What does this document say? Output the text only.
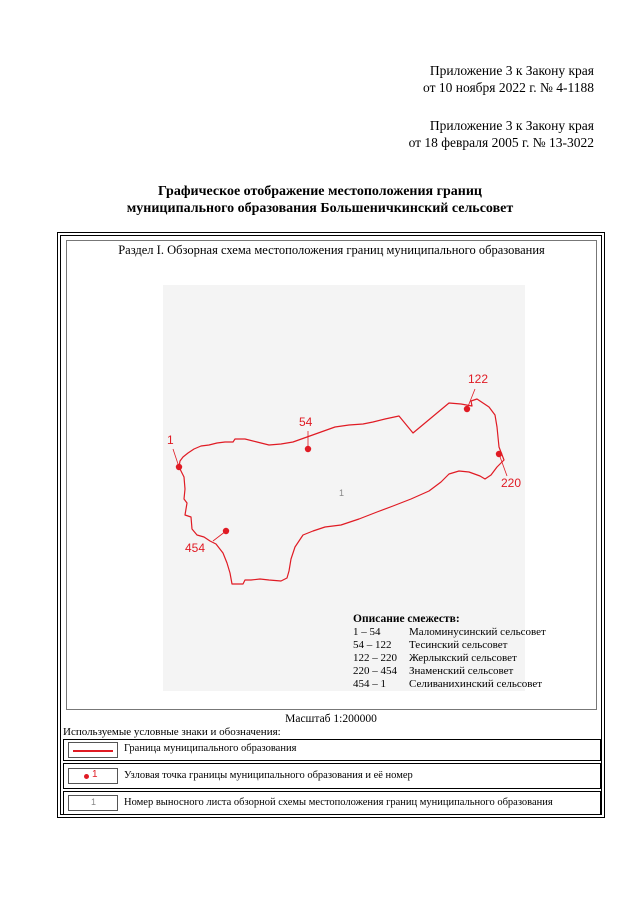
Приложение 3 к Закону края
от 10 ноября 2022 г. № 4-1188
Приложение 3 к Закону края
от 18 февраля 2005 г. № 13-3022
Графическое отображение местоположения границ
муниципального образования Большеничкинский сельсовет
Раздел I. Обзорная схема местоположения границ муниципального образования
1
54
122
220
454
1
Описание смежеств:
1 – 54	Маломинусинский сельсовет
54 – 122	Тесинский сельсовет
122 – 220	Жерлыкский сельсовет
220 – 454	Знаменский сельсовет
454 – 1	Селиванихинский сельсовет
Масштаб 1:200000
Используемые условные знаки и обозначения:
Граница муниципального образования
1	Узловая точка границы муниципального образования и её номер
1	Номер выносного листа обзорной схемы местоположения границ муниципального образования
